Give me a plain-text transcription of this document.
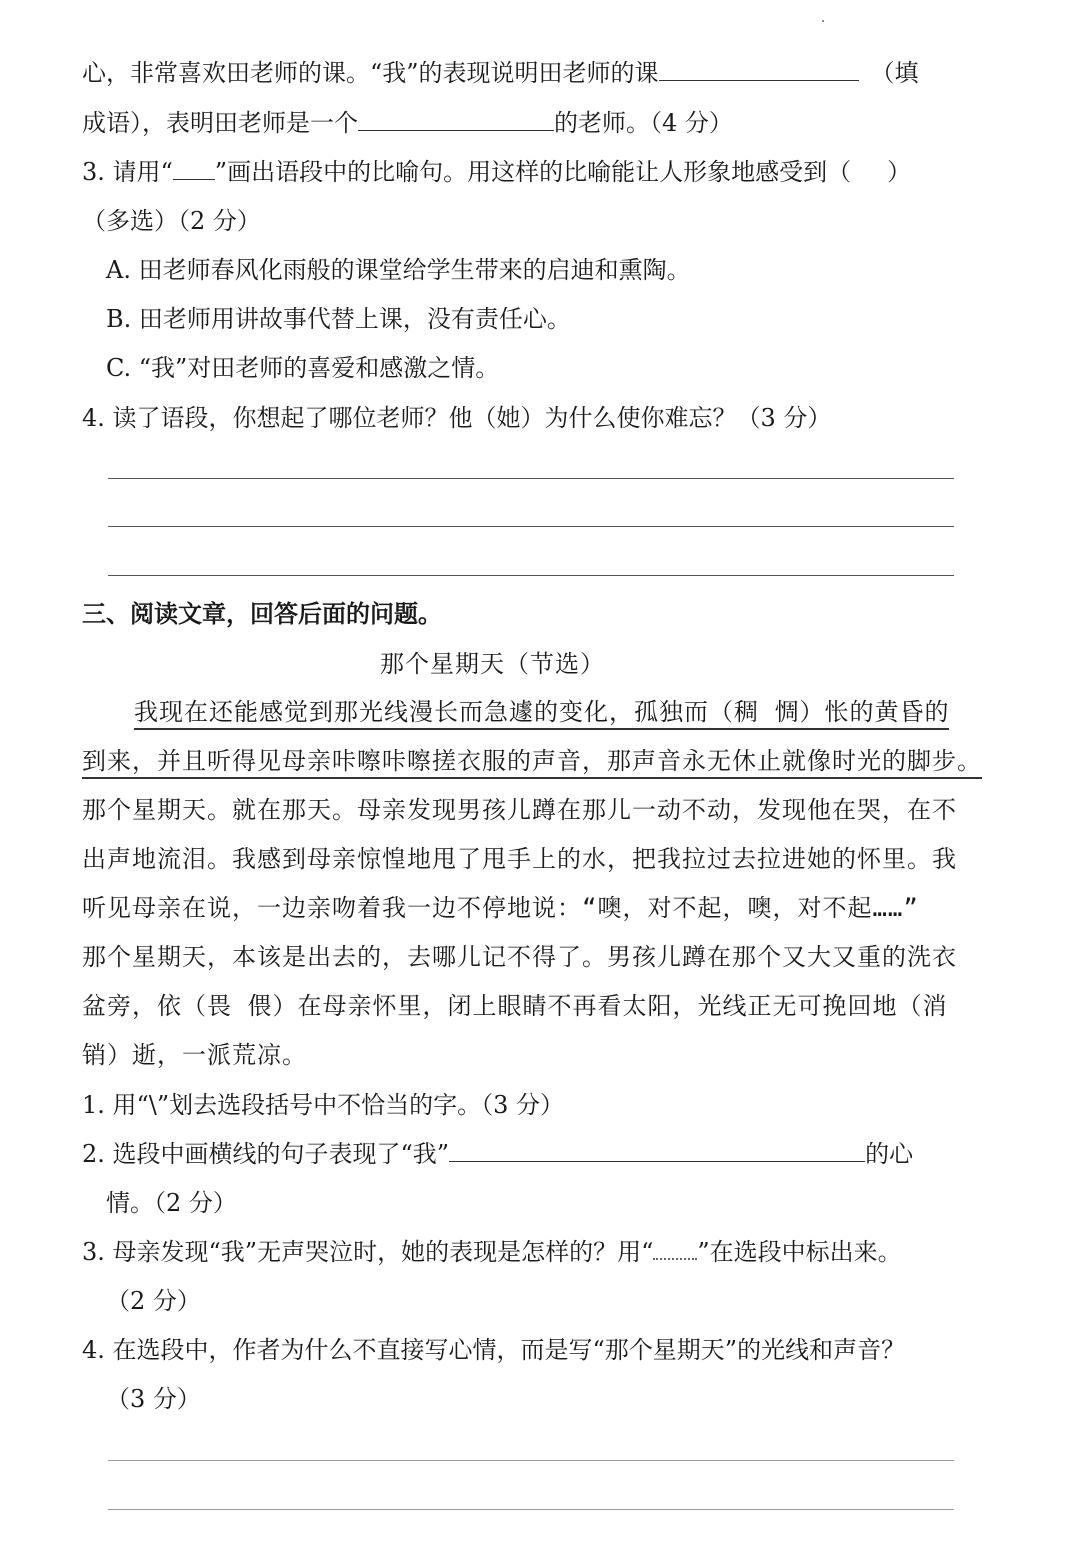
心，非常喜欢田老师的课。“我”的表现说明田老师的课	（填
成语），表明田老师是一个	的老师。（4 分）
3. 请用“ ”画出语段中的比喻句。用这样的比喻能让人形象地感受到（ ）
（多选）（2 分）
A. 田老师春风化雨般的课堂给学生带来的启迪和熏陶。
B. 田老师用讲故事代替上课，没有责任心。
C. “我”对田老师的喜爱和感激之情。
4. 读了语段，你想起了哪位老师？他（她）为什么使你难忘？（3 分）
三、阅读文章，回答后面的问题。
那个星期天（节选）
我现在还能感觉到那光线漫长而急遽的变化，孤独而（稠 惆）怅的黄昏的
到来，并且听得见母亲咔嚓咔嚓搓衣服的声音，那声音永无休止就像时光的脚步。
那个星期天。就在那天。母亲发现男孩儿蹲在那儿一动不动，发现他在哭，在不
出声地流泪。我感到母亲惊惶地甩了甩手上的水，把我拉过去拉进她的怀里。我
听见母亲在说，一边亲吻着我一边不停地说：“噢，对不起，噢，对不起……”
那个星期天，本该是出去的，去哪儿记不得了。男孩儿蹲在那个又大又重的洗衣
盆旁，依（畏 偎）在母亲怀里，闭上眼睛不再看太阳，光线正无可挽回地（消
销）逝，一派荒凉。
1. 用“\”划去选段括号中不恰当的字。（3 分）
2. 选段中画横线的句子表现了“我”	的心
情。（2 分）
3. 母亲发现“我”无声哭泣时，她的表现是怎样的？用“ ”在选段中标出来。
（2 分）
4. 在选段中，作者为什么不直接写心情，而是写“那个星期天”的光线和声音？
（3 分）
